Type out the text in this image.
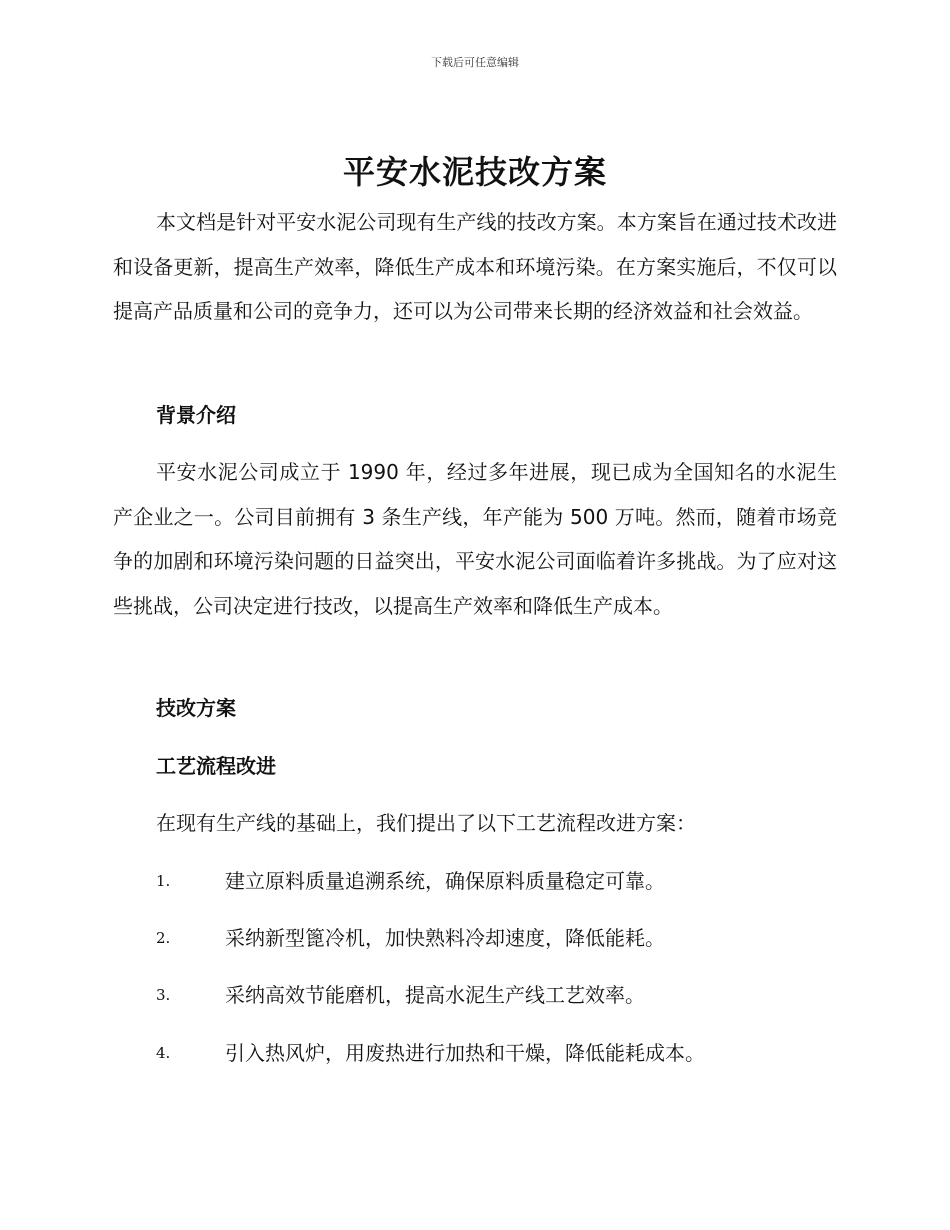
下载后可任意编辑
平安水泥技改方案

本文档是针对平安水泥公司现有生产线的技改方案。本方案旨在通过技术改进和设备更新，提高生产效率，降低生产成本和环境污染。在方案实施后，不仅可以提高产品质量和公司的竞争力，还可以为公司带来长期的经济效益和社会效益。

背景介绍

平安水泥公司成立于 1990 年，经过多年进展，现已成为全国知名的水泥生产企业之一。公司目前拥有 3 条生产线，年产能为 500 万吨。然而，随着市场竞争的加剧和环境污染问题的日益突出，平安水泥公司面临着许多挑战。为了应对这些挑战，公司决定进行技改，以提高生产效率和降低生产成本。

技改方案
工艺流程改进

在现有生产线的基础上，我们提出了以下工艺流程改进方案：

1.	建立原料质量追溯系统，确保原料质量稳定可靠。
2.	采纳新型篦冷机，加快熟料冷却速度，降低能耗。
3.	采纳高效节能磨机，提高水泥生产线工艺效率。
4.	引入热风炉，用废热进行加热和干燥，降低能耗成本。
